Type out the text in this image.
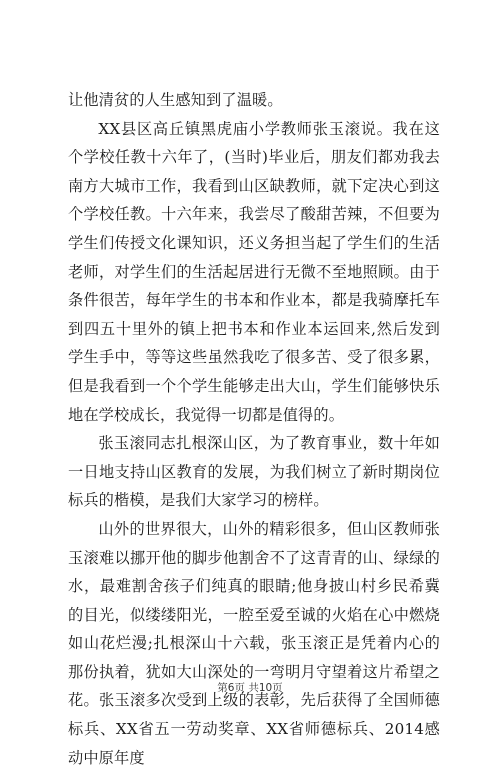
让他清贫的人生感知到了温暖。

XX县区高丘镇黑虎庙小学教师张玉滚说。我在这个学校任教十六年了，(当时)毕业后，朋友们都劝我去南方大城市工作，我看到山区缺教师，就下定决心到这个学校任教。十六年来，我尝尽了酸甜苦辣，不但要为学生们传授文化课知识，还义务担当起了学生们的生活老师，对学生们的生活起居进行无微不至地照顾。由于条件很苦，每年学生的书本和作业本，都是我骑摩托车到四五十里外的镇上把书本和作业本运回来,然后发到学生手中，等等这些虽然我吃了很多苦、受了很多累，但是我看到一个个学生能够走出大山，学生们能够快乐地在学校成长，我觉得一切都是值得的。

张玉滚同志扎根深山区，为了教育事业，数十年如一日地支持山区教育的发展，为我们树立了新时期岗位标兵的楷模，是我们大家学习的榜样。

山外的世界很大，山外的精彩很多，但山区教师张玉滚难以挪开他的脚步他割舍不了这青青的山、绿绿的水，最难割舍孩子们纯真的眼睛;他身披山村乡民希冀的目光，似缕缕阳光，一腔至爱至诚的火焰在心中燃烧如山花烂漫;扎根深山十六载，张玉滚正是凭着内心的那份执着，犹如大山深处的一弯明月守望着这片希望之花。张玉滚多次受到上级的表彰，先后获得了全国师德标兵、XX省五一劳动奖章、XX省师德标兵、2014感动中原年度

第6页 共10页
